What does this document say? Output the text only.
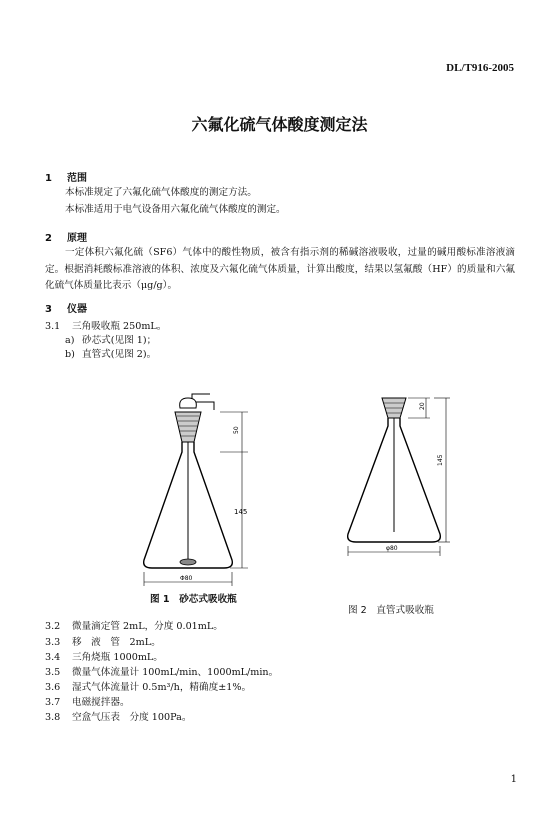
DL/T916-2005
六氟化硫气体酸度测定法
1 范围
本标准规定了六氟化硫气体酸度的测定方法。
本标准适用于电气设备用六氟化硫气体酸度的测定。
2 原理
一定体积六氟化硫（SF6）气体中的酸性物质，被含有指示剂的稀碱溶液吸收，过量的碱用酸标准溶液滴定。根据消耗酸标准溶液的体积、浓度及六氟化硫气体质量，计算出酸度，结果以氢氟酸（HF）的质量和六氟化硫气体质量比表示（μg/g）。
3 仪器
3.1 三角吸收瓶 250mL。
a) 砂芯式(见图 1)；
b) 直管式(见图 2)。
50
145
Φ80
图 1　砂芯式吸收瓶
20
145
φ80
图 2　直管式吸收瓶
3.2 微量滴定管 2mL，分度 0.01mL。
3.3 移　液　管　2mL。
3.4 三角烧瓶 1000mL。
3.5 微量气体流量计 100mL/min、1000mL/min。
3.6 湿式气体流量计 0.5m³/h，精确度±1%。
3.7 电磁搅拌器。
3.8 空盒气压表　分度 100Pa。
1
